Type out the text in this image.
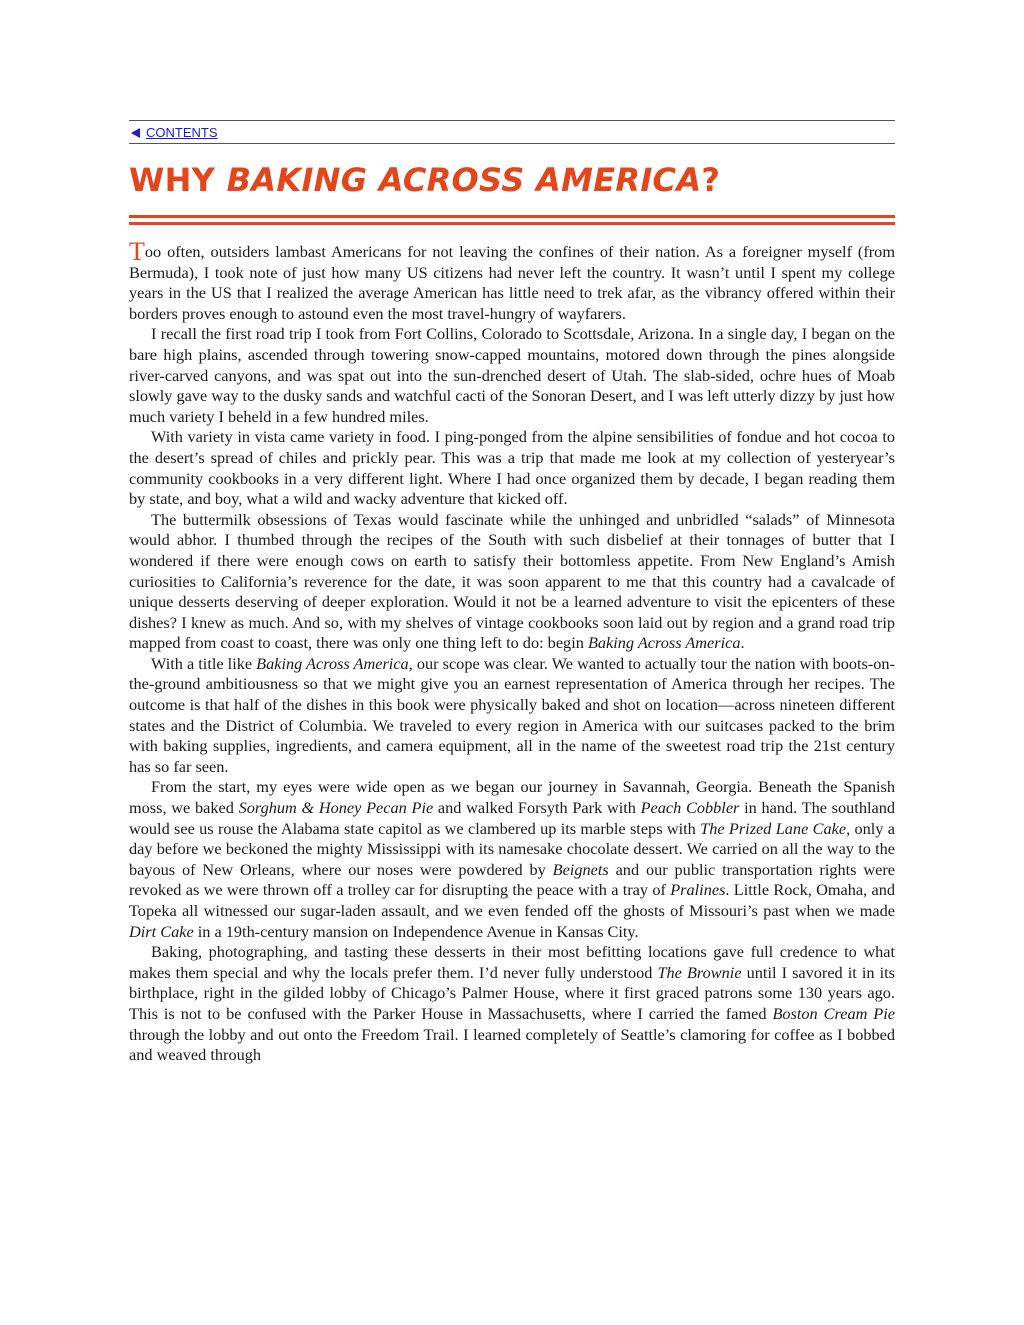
CONTENTS
WHY BAKING ACROSS AMERICA?

Too often, outsiders lambast Americans for not leaving the confines of their nation. As a foreigner myself (from Bermuda), I took note of just how many US citizens had never left the country. It wasn’t until I spent my college years in the US that I realized the average American has little need to trek afar, as the vibrancy offered within their borders proves enough to astound even the most travel-hungry of wayfarers.

I recall the first road trip I took from Fort Collins, Colorado to Scottsdale, Arizona. In a single day, I began on the bare high plains, ascended through towering snow-capped mountains, motored down through the pines alongside river-carved canyons, and was spat out into the sun-drenched desert of Utah. The slab-sided, ochre hues of Moab slowly gave way to the dusky sands and watchful cacti of the Sonoran Desert, and I was left utterly dizzy by just how much variety I beheld in a few hundred miles.

With variety in vista came variety in food. I ping-ponged from the alpine sensibilities of fondue and hot cocoa to the desert’s spread of chiles and prickly pear. This was a trip that made me look at my collection of yesteryear’s community cookbooks in a very different light. Where I had once organized them by decade, I began reading them by state, and boy, what a wild and wacky adventure that kicked off.

The buttermilk obsessions of Texas would fascinate while the unhinged and unbridled “salads” of Minnesota would abhor. I thumbed through the recipes of the South with such disbelief at their tonnages of butter that I wondered if there were enough cows on earth to satisfy their bottomless appetite. From New England’s Amish curiosities to California’s reverence for the date, it was soon apparent to me that this country had a cavalcade of unique desserts deserving of deeper exploration. Would it not be a learned adventure to visit the epicenters of these dishes? I knew as much. And so, with my shelves of vintage cookbooks soon laid out by region and a grand road trip mapped from coast to coast, there was only one thing left to do: begin Baking Across America.

With a title like Baking Across America, our scope was clear. We wanted to actually tour the nation with boots-on-the-ground ambitiousness so that we might give you an earnest representation of America through her recipes. The outcome is that half of the dishes in this book were physically baked and shot on location—across nineteen different states and the District of Columbia. We traveled to every region in America with our suitcases packed to the brim with baking supplies, ingredients, and camera equipment, all in the name of the sweetest road trip the 21st century has so far seen.

From the start, my eyes were wide open as we began our journey in Savannah, Georgia. Beneath the Spanish moss, we baked Sorghum & Honey Pecan Pie and walked Forsyth Park with Peach Cobbler in hand. The southland would see us rouse the Alabama state capitol as we clambered up its marble steps with The Prized Lane Cake, only a day before we beckoned the mighty Mississippi with its namesake chocolate dessert. We carried on all the way to the bayous of New Orleans, where our noses were powdered by Beignets and our public transportation rights were revoked as we were thrown off a trolley car for disrupting the peace with a tray of Pralines. Little Rock, Omaha, and Topeka all witnessed our sugar-laden assault, and we even fended off the ghosts of Missouri’s past when we made Dirt Cake in a 19th-century mansion on Independence Avenue in Kansas City.

Baking, photographing, and tasting these desserts in their most befitting locations gave full credence to what makes them special and why the locals prefer them. I’d never fully understood The Brownie until I savored it in its birthplace, right in the gilded lobby of Chicago’s Palmer House, where it first graced patrons some 130 years ago. This is not to be confused with the Parker House in Massachusetts, where I carried the famed Boston Cream Pie through the lobby and out onto the Freedom Trail. I learned completely of Seattle’s clamoring for coffee as I bobbed and weaved through
